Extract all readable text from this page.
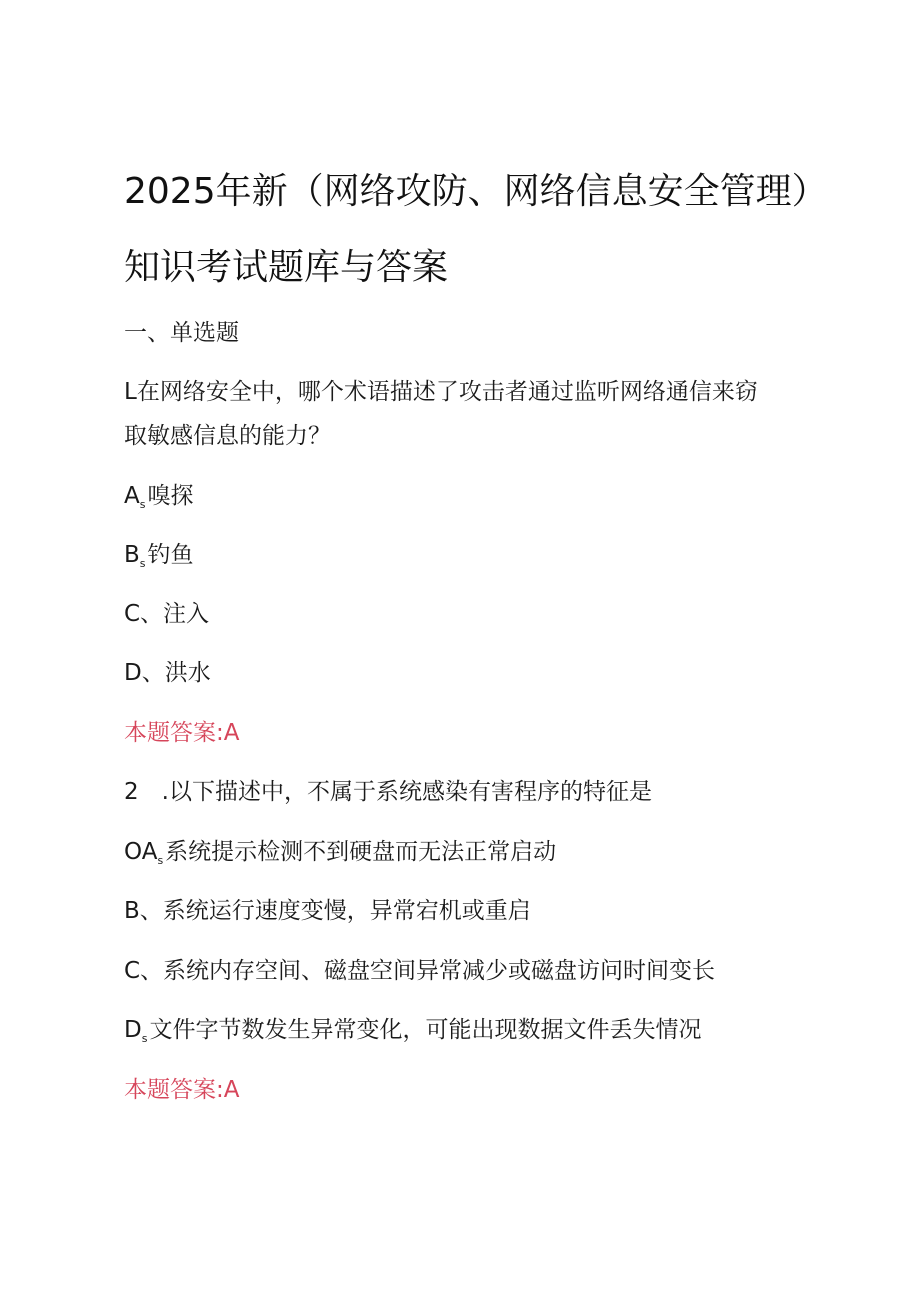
2025年新（网络攻防、网络信息安全管理）
知识考试题库与答案
一、单选题
L在网络安全中，哪个术语描述了攻击者通过监听网络通信来窃
取敏感信息的能力？
$A_s$嗅探
$B_s$钓鱼
C、注入
D、洪水
本题答案:A
2　.以下描述中，不属于系统感染有害程序的特征是
$OA_s$系统提示检测不到硬盘而无法正常启动
B、系统运行速度变慢，异常宕机或重启
C、系统内存空间、磁盘空间异常减少或磁盘访问时间变长
$D_s$文件字节数发生异常变化，可能出现数据文件丢失情况
本题答案:A
